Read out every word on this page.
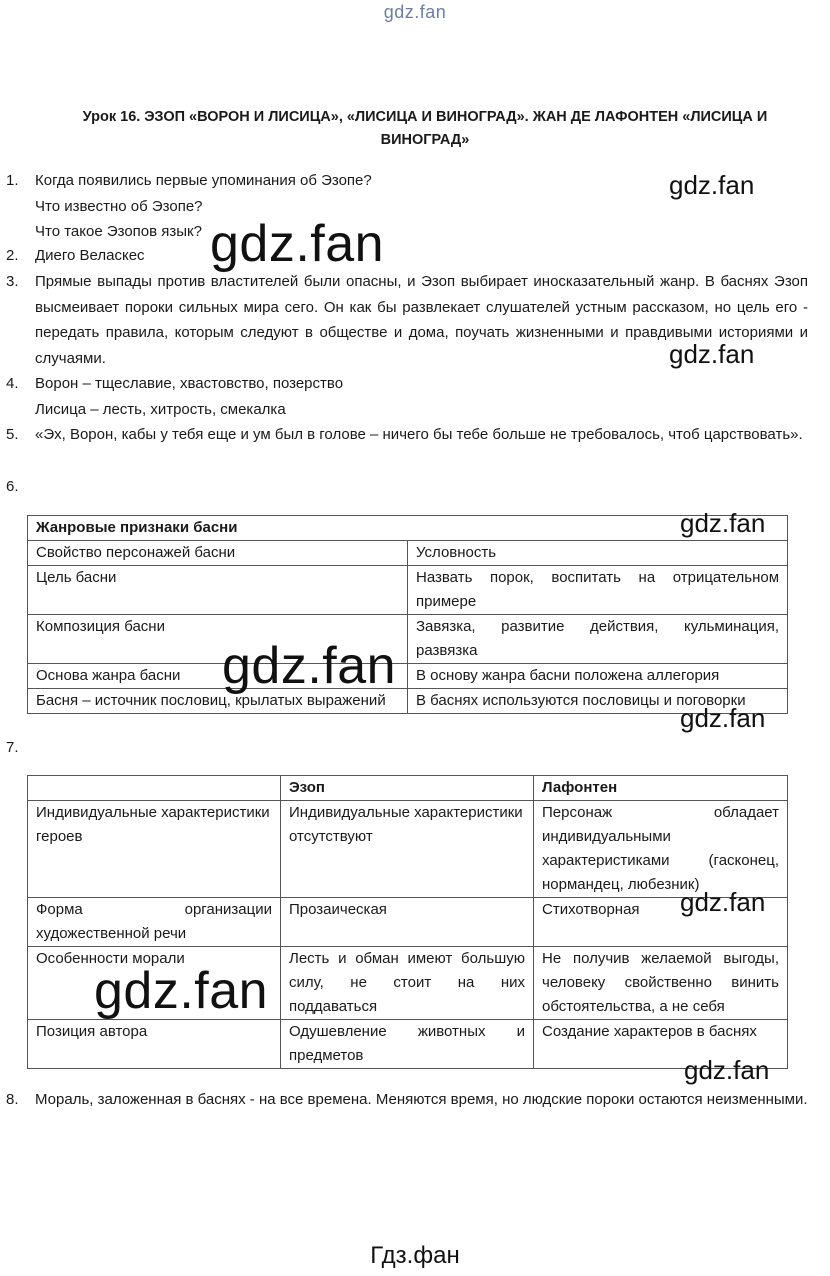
gdz.fan
Урок 16. ЭЗОП «ВОРОН И ЛИСИЦА», «ЛИСИЦА И ВИНОГРАД». ЖАН ДЕ ЛАФОНТЕН «ЛИСИЦА И ВИНОГРАД»
1. Когда появились первые упоминания об Эзопе?
Что известно об Эзопе?
Что такое Эзопов язык?
2. Диего Веласкес
3. Прямые выпады против властителей были опасны, и Эзоп выбирает иносказательный жанр. В баснях Эзоп высмеивает пороки сильных мира сего. Он как бы развлекает слушателей устным рассказом, но цель его - передать правила, которым следуют в обществе и дома, поучать жизненными и правдивыми историями и случаями.
4. Ворон – тщеславие, хвастовство, позерство
Лисица – лесть, хитрость, смекалка
5. «Эх, Ворон, кабы у тебя еще и ум был в голове – ничего бы тебе больше не требовалось, чтоб царствовать».
6.
Жанровые признаки басни	
Свойство персонажей басни	Условность
Цель басни	Назвать порок, воспитать на отрицательном примере
Композиция басни	Завязка, развитие действия, кульминация, развязка
Основа жанра басни	В основу жанра басни положена аллегория
Басня – источник пословиц, крылатых выражений	В баснях используются пословицы и поговорки
7.
	Эзоп	Лафонтен
Индивидуальные характеристики героев	Индивидуальные характеристики отсутствуют	Персонаж обладает индивидуальными характеристиками (гасконец, нормандец, любезник)
Форма организации художественной речи	Прозаическая	Стихотворная
Особенности морали	Лесть и обман имеют большую силу, не стоит на них поддаваться	Не получив желаемой выгоды, человеку свойственно винить обстоятельства, а не себя
Позиция автора	Одушевление животных и предметов	Создание характеров в баснях
8. Мораль, заложенная в баснях - на все времена. Меняются время, но людские пороки остаются неизменными.
gdz.fan
gdz.fan
gdz.fan
gdz.fan
gdz.fan
gdz.fan
gdz.fan
gdz.fan
gdz.fan
Гдз.фан
